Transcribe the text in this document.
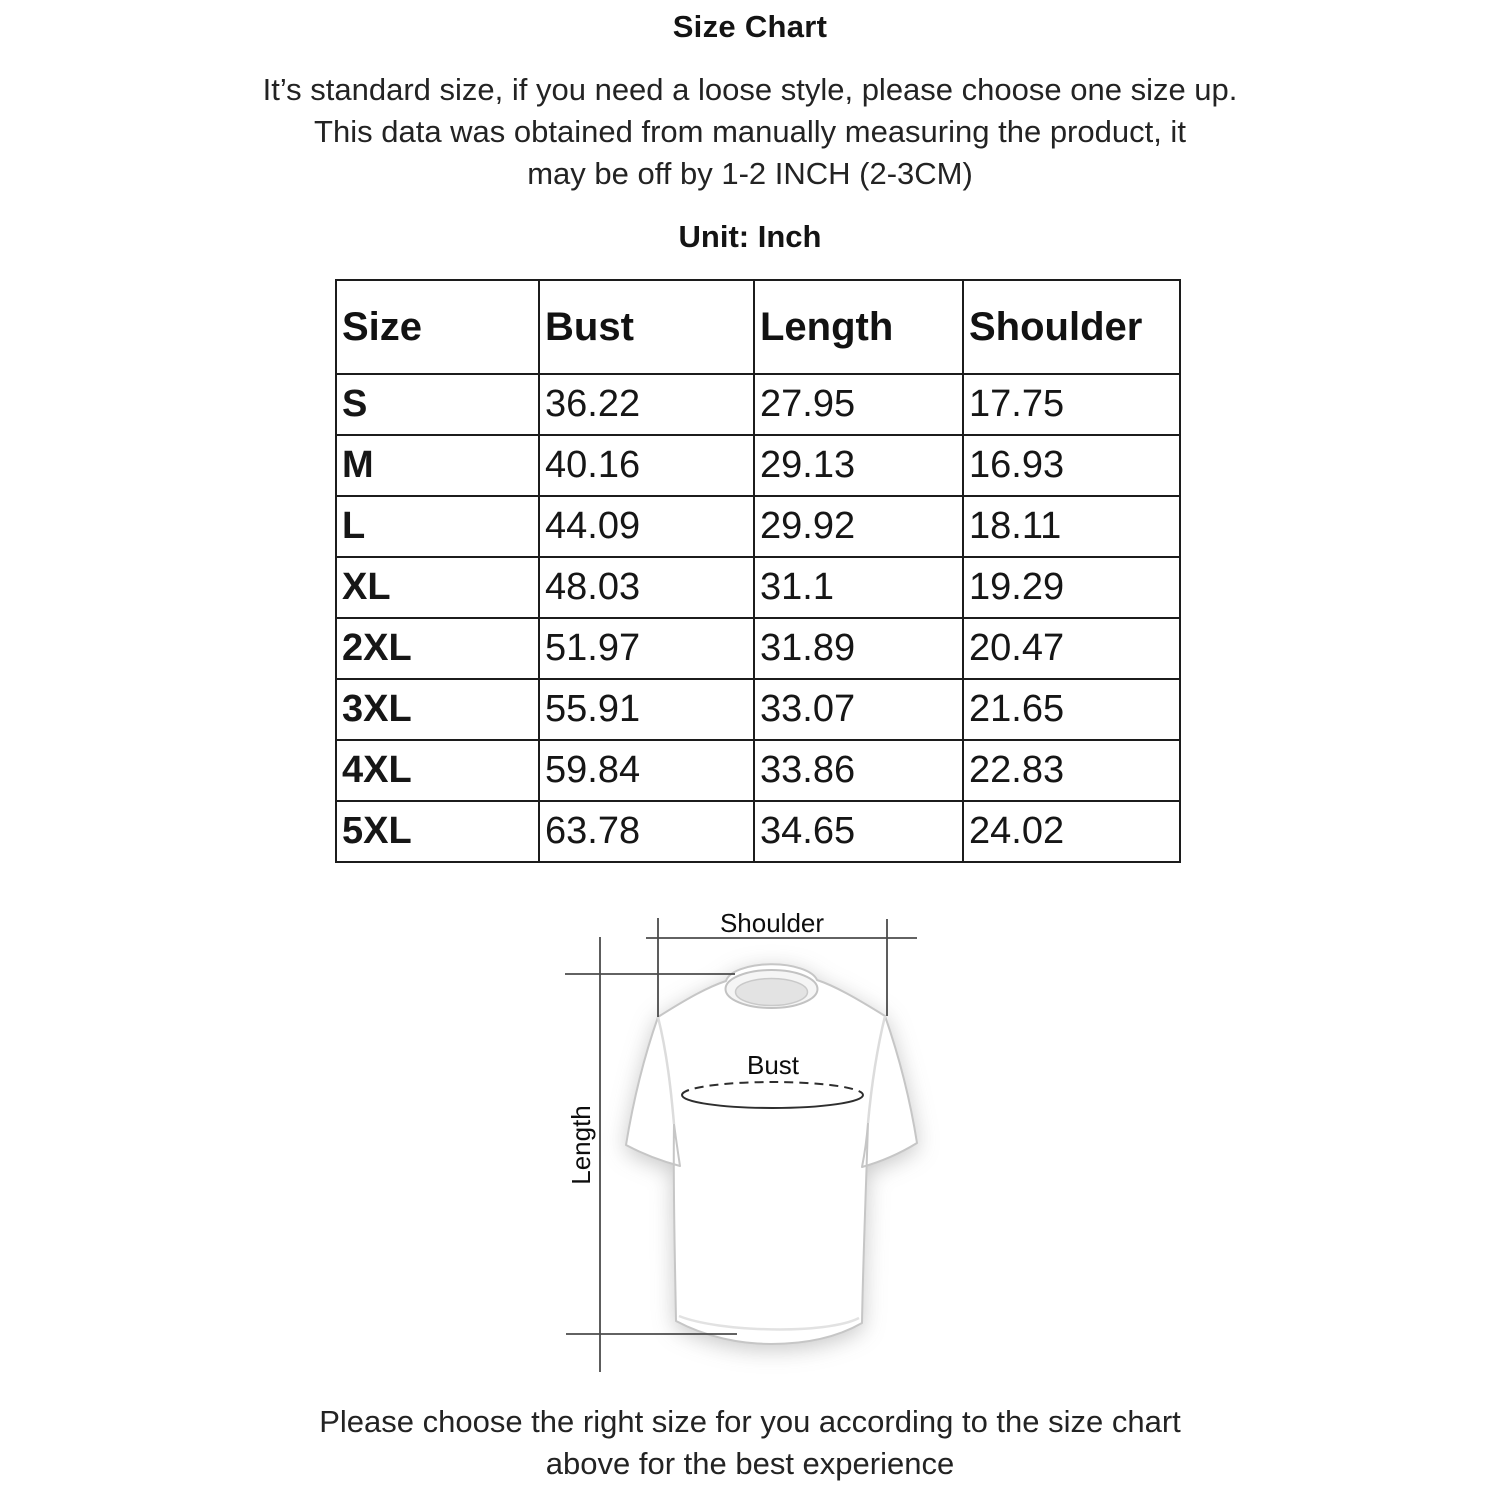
Size Chart
It’s standard size, if you need a loose style, please choose one size up.
This data was obtained from manually measuring the product, it
may be off by 1-2 INCH (2-3CM)
Unit: Inch
Size	Bust	Length	Shoulder
S	36.22	27.95	17.75
M	40.16	29.13	16.93
L	44.09	29.92	18.11
XL	48.03	31.1	19.29
2XL	51.97	31.89	20.47
3XL	55.91	33.07	21.65
4XL	59.84	33.86	22.83
5XL	63.78	34.65	24.02
Shoulder
Length
Bust
Please choose the right size for you according to the size chart
above for the best experience
